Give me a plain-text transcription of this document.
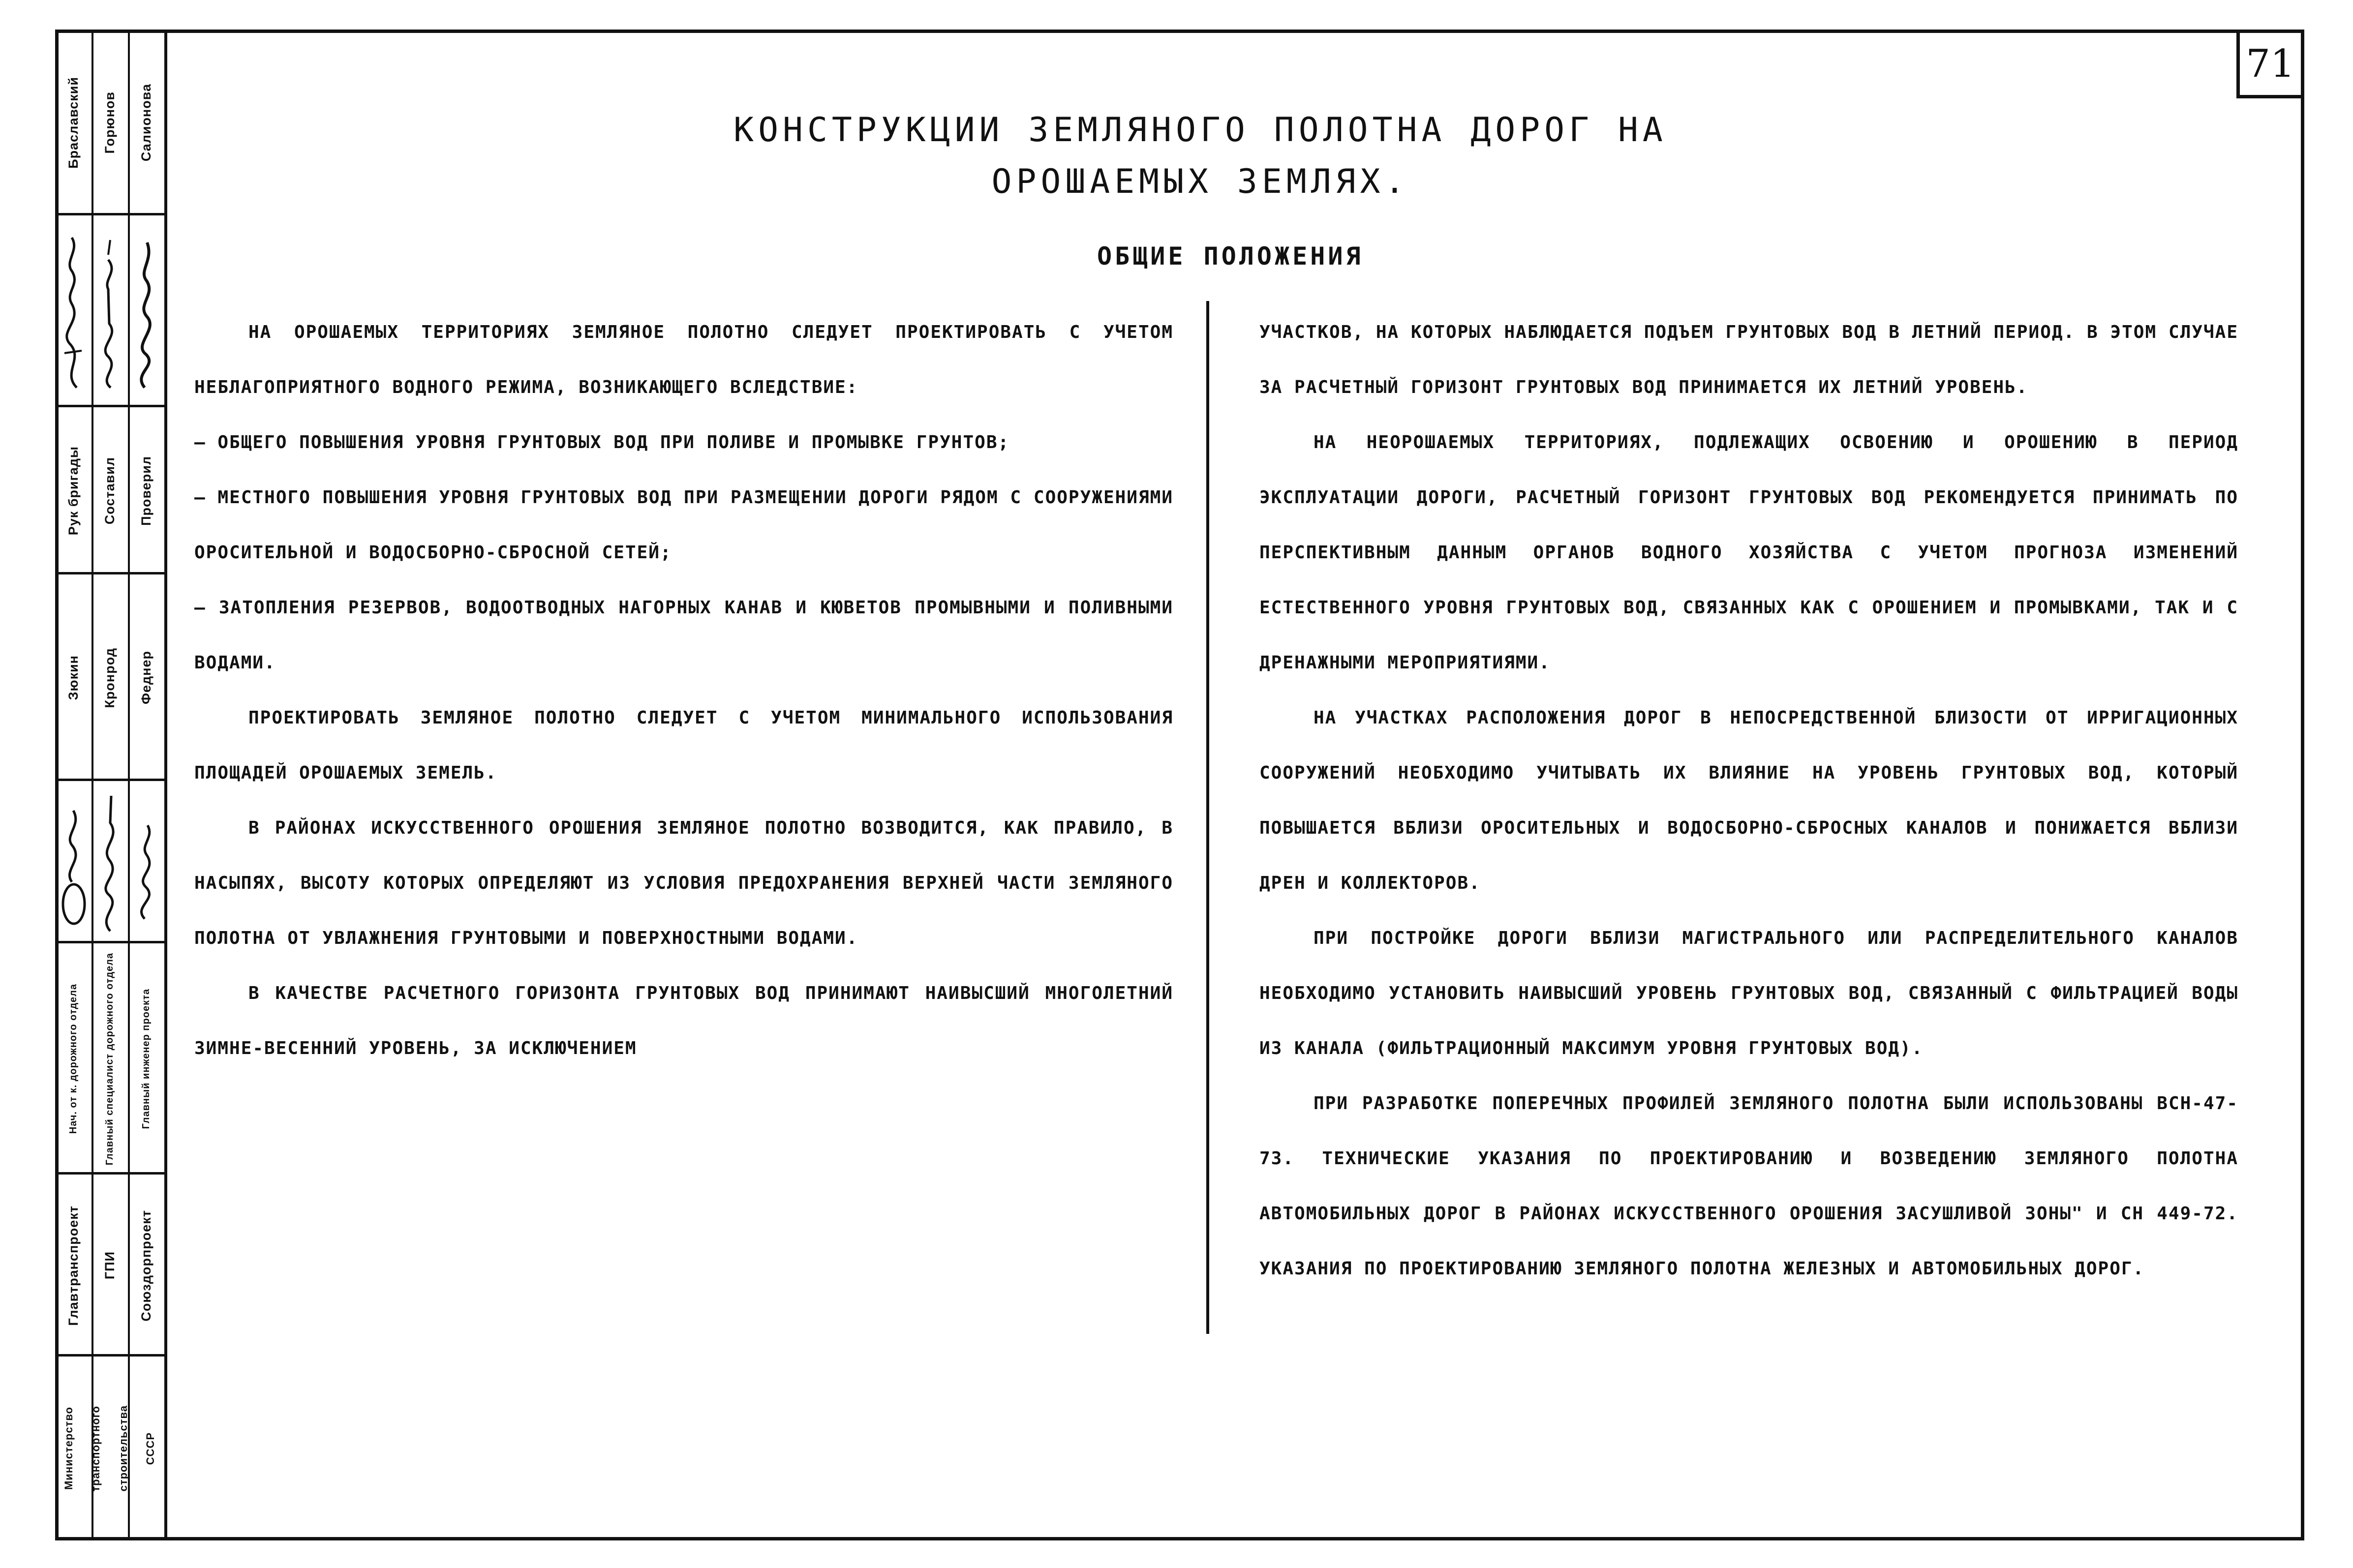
71
Браславский Горюнов Салионова
Рук бригады Составил Проверил
Зюкин Кронрод Феднер
Нач. от к. дорожного отдела	Главный специалист дорожного отдела	Главный инженер проекта
Главтранспроект ГПИ Союздорпроект
Министерство транспортного строительства СССР
КОНСТРУКЦИИ ЗЕМЛЯНОГО ПОЛОТНА ДОРОГ НА
ОРОШАЕМЫХ ЗЕМЛЯХ.
ОБЩИЕ ПОЛОЖЕНИЯ

НА ОРОШАЕМЫХ ТЕРРИТОРИЯХ ЗЕМЛЯНОЕ ПОЛОТНО СЛЕДУЕТ ПРОЕКТИРОВАТЬ С УЧЕТОМ НЕБЛАГОПРИЯТНОГО ВОДНОГО РЕЖИМА, ВОЗНИКАЮЩЕГО ВСЛЕДСТВИЕ:

— ОБЩЕГО ПОВЫШЕНИЯ УРОВНЯ ГРУНТОВЫХ ВОД ПРИ ПОЛИВЕ И ПРОМЫВКЕ ГРУНТОВ;

— МЕСТНОГО ПОВЫШЕНИЯ УРОВНЯ ГРУНТОВЫХ ВОД ПРИ РАЗМЕЩЕНИИ ДОРОГИ РЯДОМ С СООРУЖЕНИЯМИ ОРОСИТЕЛЬНОЙ И ВОДОСБОРНО-СБРОСНОЙ СЕТЕЙ;

— ЗАТОПЛЕНИЯ РЕЗЕРВОВ, ВОДООТВОДНЫХ НАГОРНЫХ КАНАВ И КЮВЕТОВ ПРОМЫВНЫМИ И ПОЛИВНЫМИ ВОДАМИ.

ПРОЕКТИРОВАТЬ ЗЕМЛЯНОЕ ПОЛОТНО СЛЕДУЕТ С УЧЕТОМ МИНИМАЛЬНОГО ИСПОЛЬЗОВАНИЯ ПЛОЩАДЕЙ ОРОШАЕМЫХ ЗЕМЕЛЬ.

В РАЙОНАХ ИСКУССТВЕННОГО ОРОШЕНИЯ ЗЕМЛЯНОЕ ПОЛОТНО ВОЗВОДИТСЯ, КАК ПРАВИЛО, В НАСЫПЯХ, ВЫСОТУ КОТОРЫХ ОПРЕДЕЛЯЮТ ИЗ УСЛОВИЯ ПРЕДОХРАНЕНИЯ ВЕРХНЕЙ ЧАСТИ ЗЕМЛЯНОГО ПОЛОТНА ОТ УВЛАЖНЕНИЯ ГРУНТОВЫМИ И ПОВЕРХНОСТНЫМИ ВОДАМИ.

В КАЧЕСТВЕ РАСЧЕТНОГО ГОРИЗОНТА ГРУНТОВЫХ ВОД ПРИНИМАЮТ НАИВЫСШИЙ МНОГОЛЕТНИЙ ЗИМНЕ-ВЕСЕННИЙ УРОВЕНЬ, ЗА ИСКЛЮЧЕНИЕМ

УЧАСТКОВ, НА КОТОРЫХ НАБЛЮДАЕТСЯ ПОДЪЕМ ГРУНТОВЫХ ВОД В ЛЕТНИЙ ПЕРИОД. В ЭТОМ СЛУЧАЕ ЗА РАСЧЕТНЫЙ ГОРИЗОНТ ГРУНТОВЫХ ВОД ПРИНИМАЕТСЯ ИХ ЛЕТНИЙ УРОВЕНЬ.

НА НЕОРОШАЕМЫХ ТЕРРИТОРИЯХ, ПОДЛЕЖАЩИХ ОСВОЕНИЮ И ОРОШЕНИЮ В ПЕРИОД ЭКСПЛУАТАЦИИ ДОРОГИ, РАСЧЕТНЫЙ ГОРИЗОНТ ГРУНТОВЫХ ВОД РЕКОМЕНДУЕТСЯ ПРИНИМАТЬ ПО ПЕРСПЕКТИВНЫМ ДАННЫМ ОРГАНОВ ВОДНОГО ХОЗЯЙСТВА С УЧЕТОМ ПРОГНОЗА ИЗМЕНЕНИЙ ЕСТЕСТВЕННОГО УРОВНЯ ГРУНТОВЫХ ВОД, СВЯЗАННЫХ КАК С ОРОШЕНИЕМ И ПРОМЫВКАМИ, ТАК И С ДРЕНАЖНЫМИ МЕРОПРИЯТИЯМИ.

НА УЧАСТКАХ РАСПОЛОЖЕНИЯ ДОРОГ В НЕПОСРЕДСТВЕННОЙ БЛИЗОСТИ ОТ ИРРИГАЦИОННЫХ СООРУЖЕНИЙ НЕОБХОДИМО УЧИТЫВАТЬ ИХ ВЛИЯНИЕ НА УРОВЕНЬ ГРУНТОВЫХ ВОД, КОТОРЫЙ ПОВЫШАЕТСЯ ВБЛИЗИ ОРОСИТЕЛЬНЫХ И ВОДОСБОРНО-СБРОСНЫХ КАНАЛОВ И ПОНИЖАЕТСЯ ВБЛИЗИ ДРЕН И КОЛЛЕКТОРОВ.

ПРИ ПОСТРОЙКЕ ДОРОГИ ВБЛИЗИ МАГИСТРАЛЬНОГО ИЛИ РАСПРЕДЕЛИТЕЛЬНОГО КАНАЛОВ НЕОБХОДИМО УСТАНОВИТЬ НАИВЫСШИЙ УРОВЕНЬ ГРУНТОВЫХ ВОД, СВЯЗАННЫЙ С ФИЛЬТРАЦИЕЙ ВОДЫ ИЗ КАНАЛА (ФИЛЬТРАЦИОННЫЙ МАКСИМУМ УРОВНЯ ГРУНТОВЫХ ВОД).

ПРИ РАЗРАБОТКЕ ПОПЕРЕЧНЫХ ПРОФИЛЕЙ ЗЕМЛЯНОГО ПОЛОТНА БЫЛИ ИСПОЛЬЗОВАНЫ ВСН-47-73. ТЕХНИЧЕСКИЕ УКАЗАНИЯ ПО ПРОЕКТИРОВАНИЮ И ВОЗВЕДЕНИЮ ЗЕМЛЯНОГО ПОЛОТНА АВТОМОБИЛЬНЫХ ДОРОГ В РАЙОНАХ ИСКУССТВЕННОГО ОРОШЕНИЯ ЗАСУШЛИВОЙ ЗОНЫ" И СН 449-72. УКАЗАНИЯ ПО ПРОЕКТИРОВАНИЮ ЗЕМЛЯНОГО ПОЛОТНА ЖЕЛЕЗНЫХ И АВТОМОБИЛЬНЫХ ДОРОГ.
